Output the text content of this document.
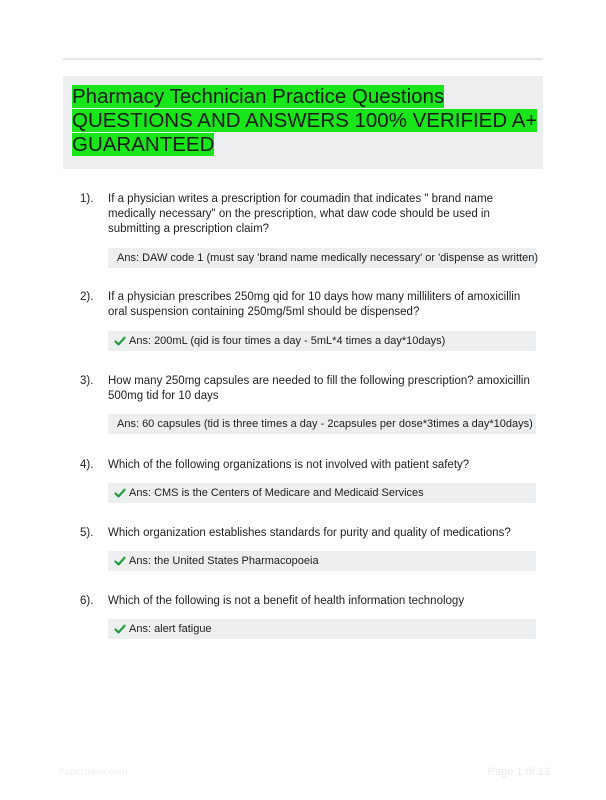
Pharmacy Technician Practice Questions QUESTIONS AND ANSWERS 100% VERIFIED A+ GUARANTEED
1).	If a physician writes a prescription for coumadin that indicates " brand name medically necessary" on the prescription, what daw code should be used in submitting a prescription claim?
Ans: DAW code 1 (must say 'brand name medically necessary' or 'dispense as written)
2).	If a physician prescribes 250mg qid for 10 days how many milliliters of amoxicillin oral suspension containing 250mg/5ml should be dispensed?
Ans: 200mL (qid is four times a day - 5mL*4 times a day*10days)
3).	How many 250mg capsules are needed to fill the following prescription? amoxicillin 500mg tid for 10 days
Ans: 60 capsules (tid is three times a day - 2capsules per dose*3times a day*10days)
4).	Which of the following organizations is not involved with patient safety?
Ans: CMS is the Centers of Medicare and Medicaid Services
5).	Which organization establishes standards for purity and quality of medications?
Ans: the United States Pharmacopoeia
6).	Which of the following is not a benefit of health information technology
Ans: alert fatigue
Paperbible.com	Page 1 of 13
